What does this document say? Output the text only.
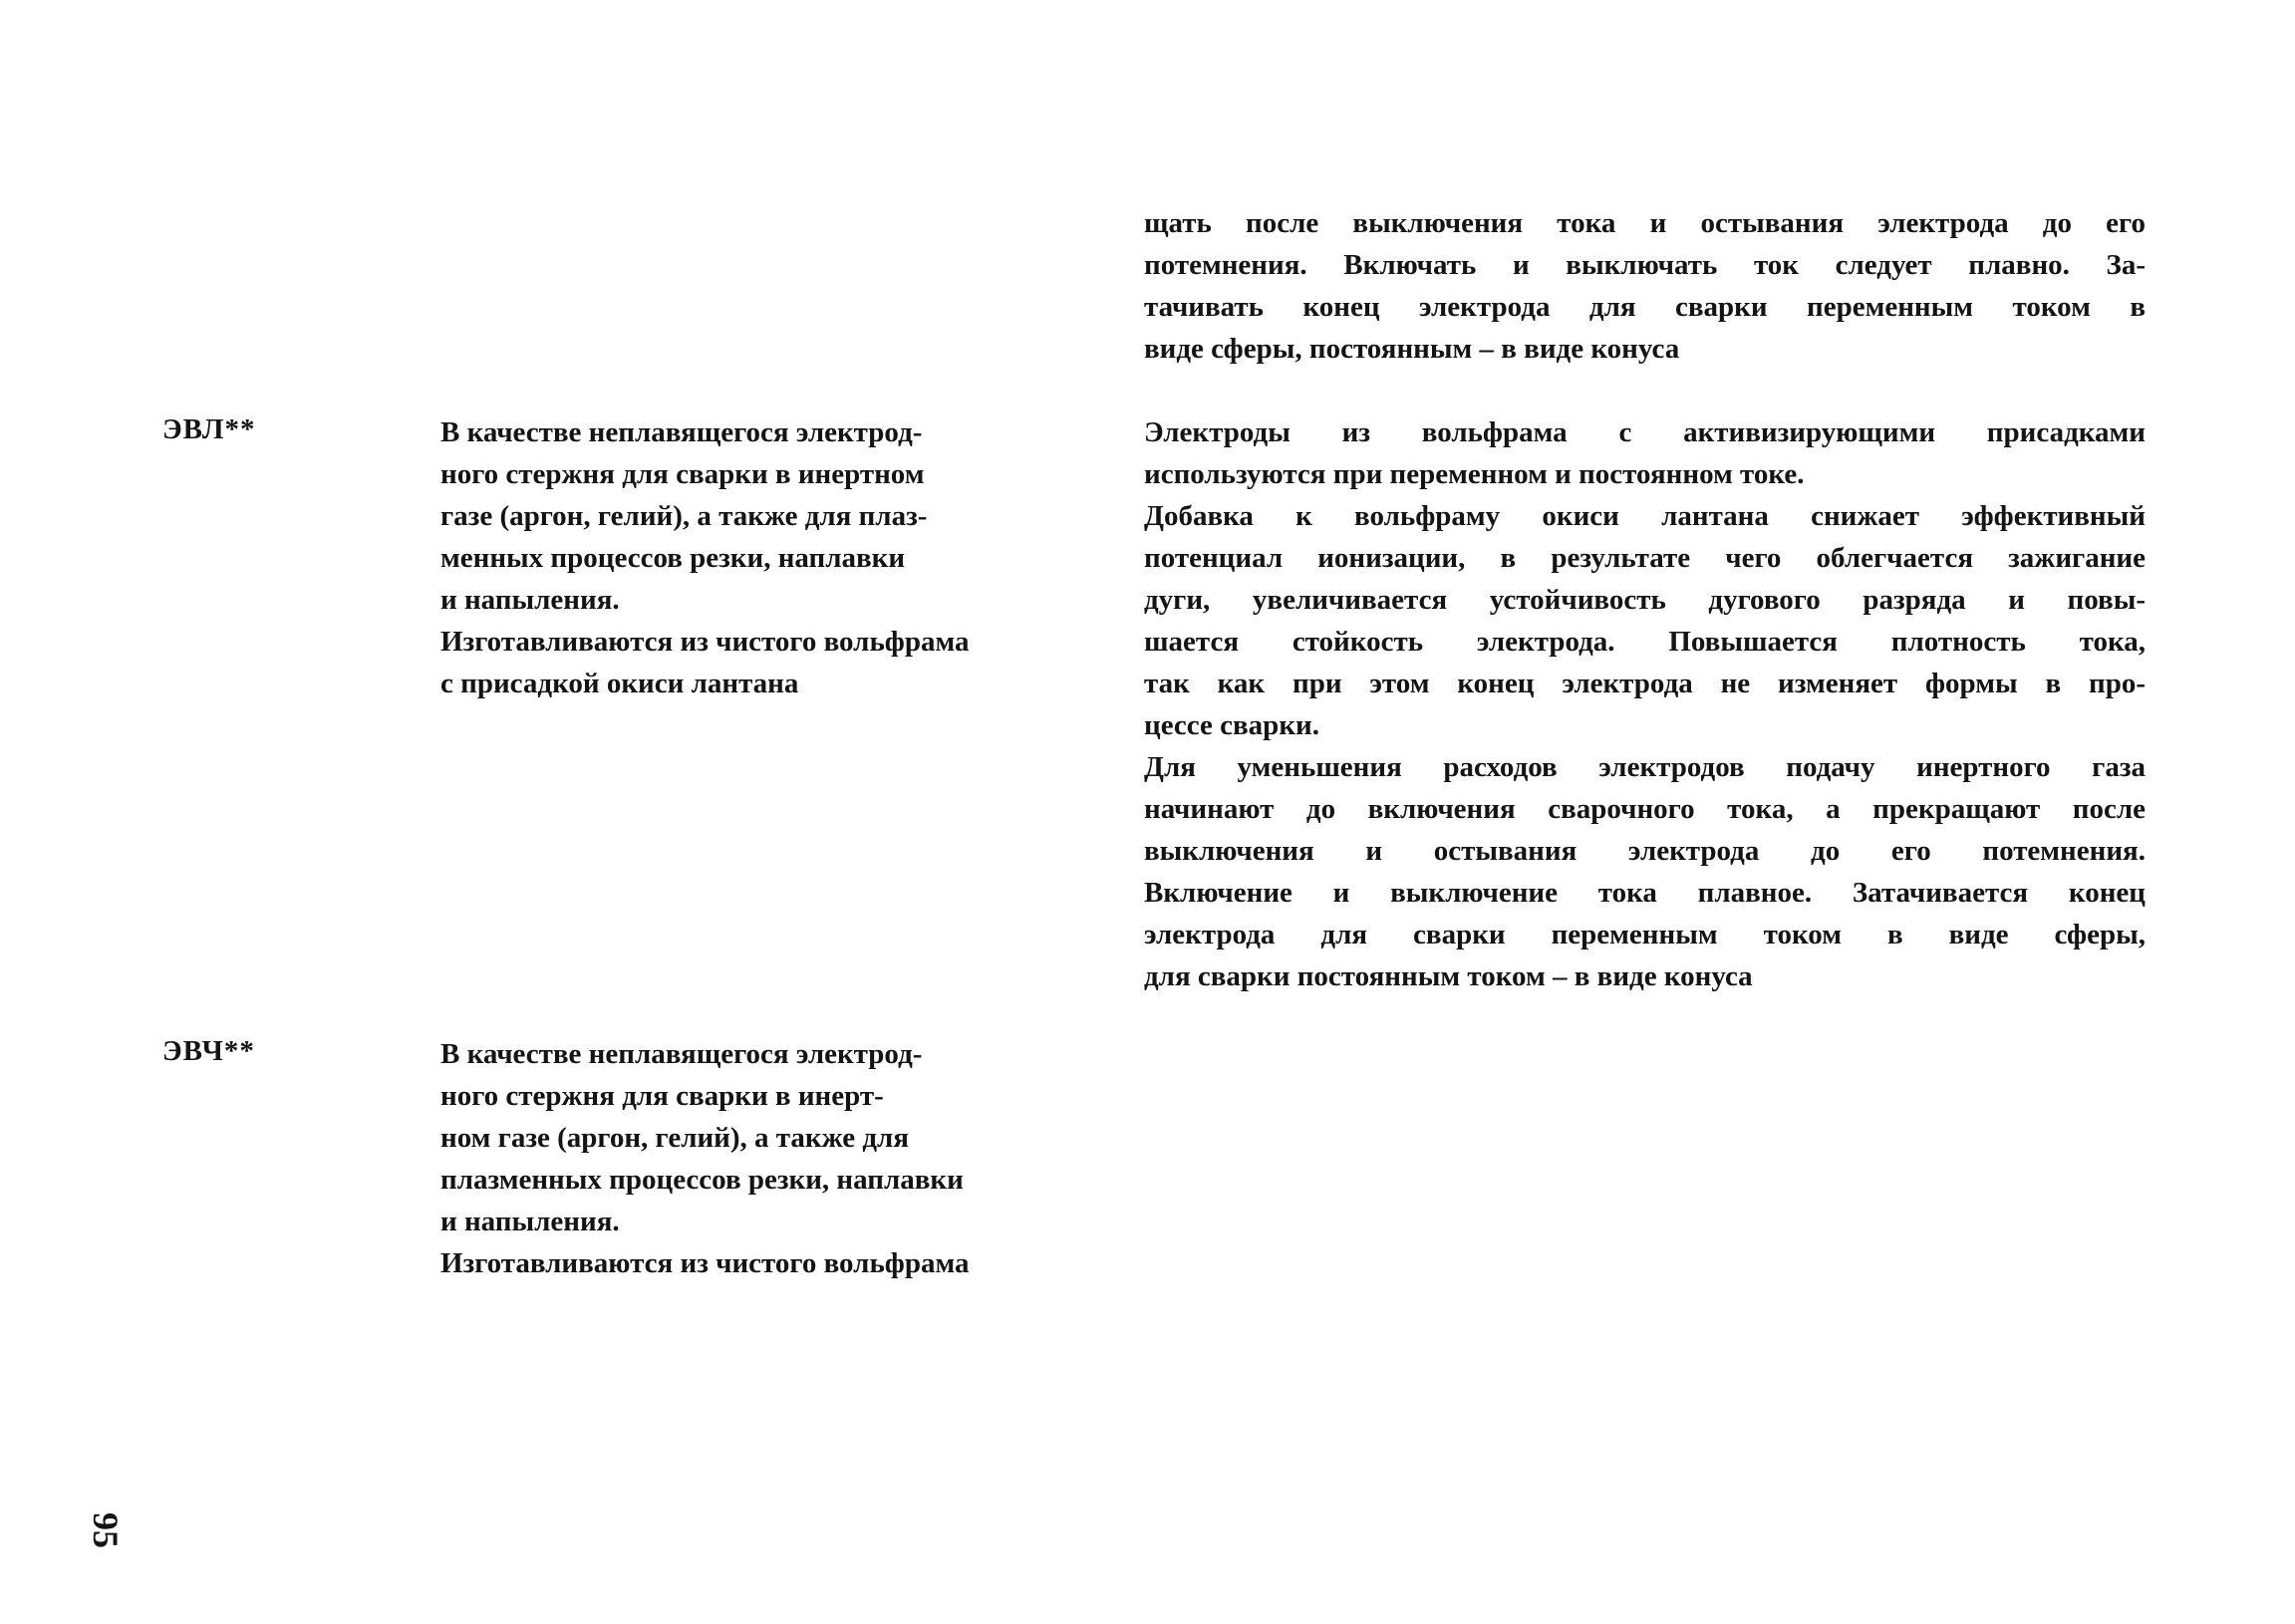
щать после выключения тока и остывания электрода до его
потемнения. Включать и выключать ток следует плавно. За-
тачивать конец электрода для сварки переменным током в
виде сферы, постоянным – в виде конуса
ЭВЛ**	В качестве неплавящегося электрод-
ного стержня для сварки в инертном
газе (аргон, гелий), а также для плаз-
менных процессов резки, наплавки
и напыления.
Изготавливаются из чистого вольфрама
с присадкой окиси лантана
Электроды из вольфрама с активизирующими присадками
используются при переменном и постоянном токе.
Добавка к вольфраму окиси лантана снижает эффективный
потенциал ионизации, в результате чего облегчается зажигание
дуги, увеличивается устойчивость дугового разряда и повы-
шается стойкость электрода. Повышается плотность тока,
так как при этом конец электрода не изменяет формы в про-
цессе сварки.
Для уменьшения расходов электродов подачу инертного газа
начинают до включения сварочного тока, а прекращают после
выключения и остывания электрода до его потемнения.
Включение и выключение тока плавное. Затачивается конец
электрода для сварки переменным током в виде сферы,
для сварки постоянным током – в виде конуса
ЭВЧ**	В качестве неплавящегося электрод-
ного стержня для сварки в инерт-
ном газе (аргон, гелий), а также для
плазменных процессов резки, наплавки
и напыления.
Изготавливаются из чистого вольфрама
95
